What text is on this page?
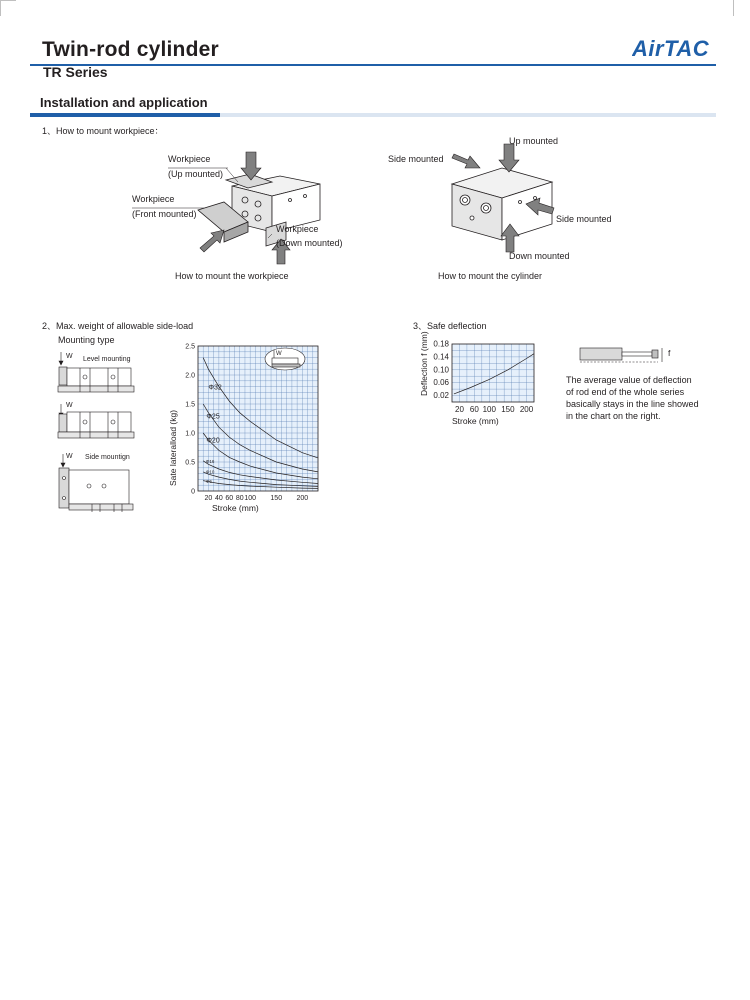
Twin-rod cylinder
TR Series
AirTAC
Installation and application
1、How to mount workpiece：
Workpiece
(Up mounted)
Workpiece
(Front mounted)
Workpiece
(Down mounted)
How to mount the workpiece
Up mounted
Side mounted
Side mounted
Down mounted
How to mount the cylinder
2、Max. weight of allowable side-load
Mounting type
W Level mounting
W
W Side mountign
0
0.5
1.0
1.5
2.0
2.5
20 40 60 80 100 150 200
Φ32
Φ25
Φ20
Φ16
Φ10
Φ6
W
Sate lateralload (kg)
Stroke (mm)
3、Safe deflection
0.02
0.06
0.10
0.14
0.18
20 60 100 150 200
Deflection f (mm)
Stroke (mm)
f
The average value of deflection
of rod end of the whole series
basically stays in the line showed
in the chart on the right.
